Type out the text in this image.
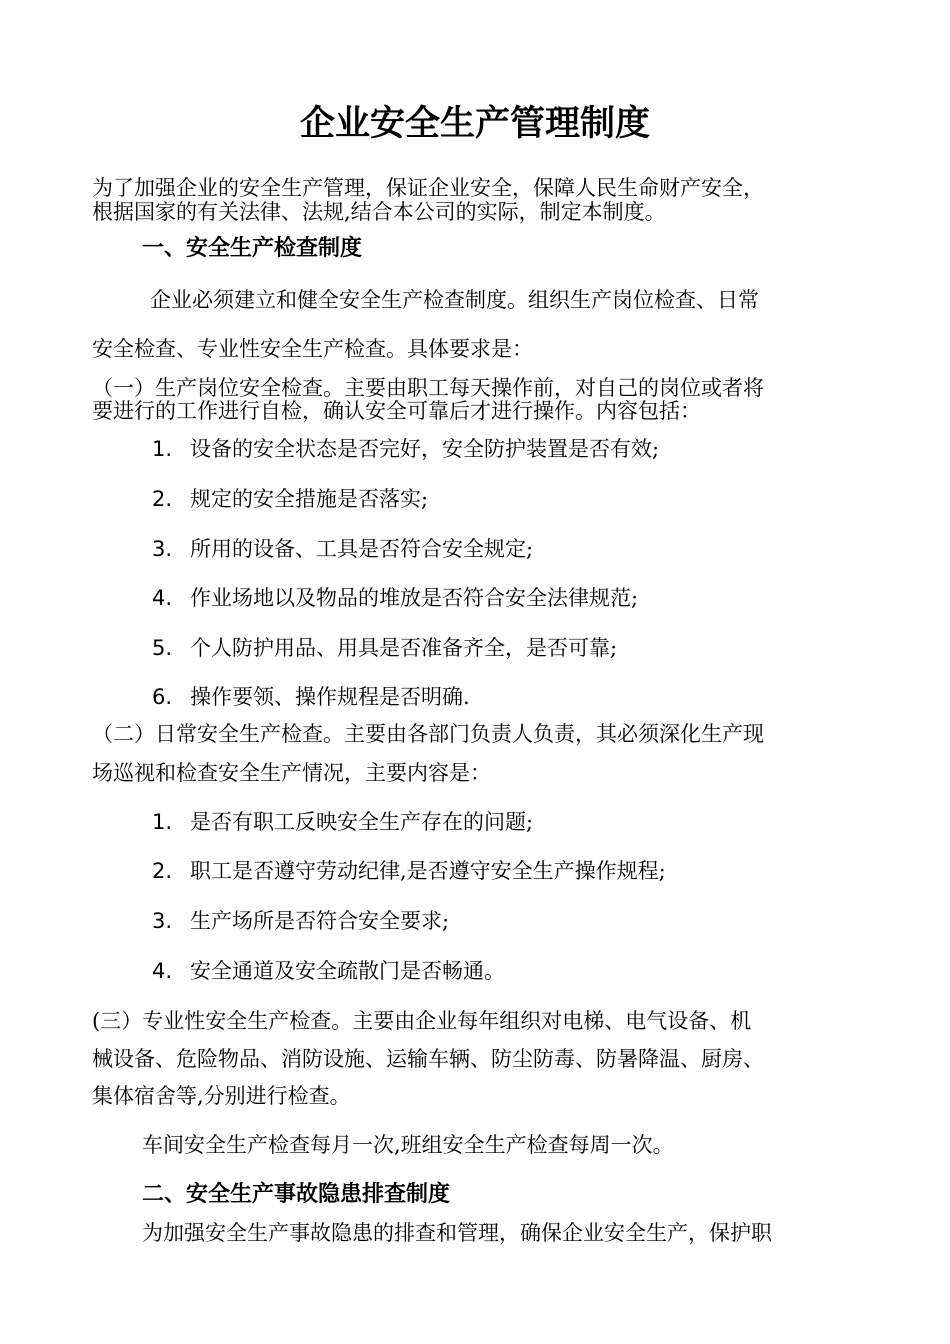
企业安全生产管理制度
为了加强企业的安全生产管理，保证企业安全，保障人民生命财产安全，
根据国家的有关法律、法规,结合本公司的实际，制定本制度。
一、安全生产检查制度
企业必须建立和健全安全生产检查制度。组织生产岗位检查、日常
安全检查、专业性安全生产检查。具体要求是：
（一）生产岗位安全检查。主要由职工每天操作前，对自己的岗位或者将
要进行的工作进行自检，确认安全可靠后才进行操作。内容包括：
1. 设备的安全状态是否完好，安全防护装置是否有效;
2. 规定的安全措施是否落实;
3. 所用的设备、工具是否符合安全规定;
4. 作业场地以及物品的堆放是否符合安全法律规范;
5. 个人防护用品、用具是否准备齐全，是否可靠;
6. 操作要领、操作规程是否明确.
（二）日常安全生产检查。主要由各部门负责人负责，其必须深化生产现
场巡视和检查安全生产情况，主要内容是：
1. 是否有职工反映安全生产存在的问题;
2. 职工是否遵守劳动纪律,是否遵守安全生产操作规程;
3. 生产场所是否符合安全要求;
4. 安全通道及安全疏散门是否畅通。
(三）专业性安全生产检查。主要由企业每年组织对电梯、电气设备、机
械设备、危险物品、消防设施、运输车辆、防尘防毒、防暑降温、厨房、
集体宿舍等,分别进行检查。
车间安全生产检查每月一次,班组安全生产检查每周一次。
二、安全生产事故隐患排查制度
为加强安全生产事故隐患的排查和管理，确保企业安全生产，保护职
